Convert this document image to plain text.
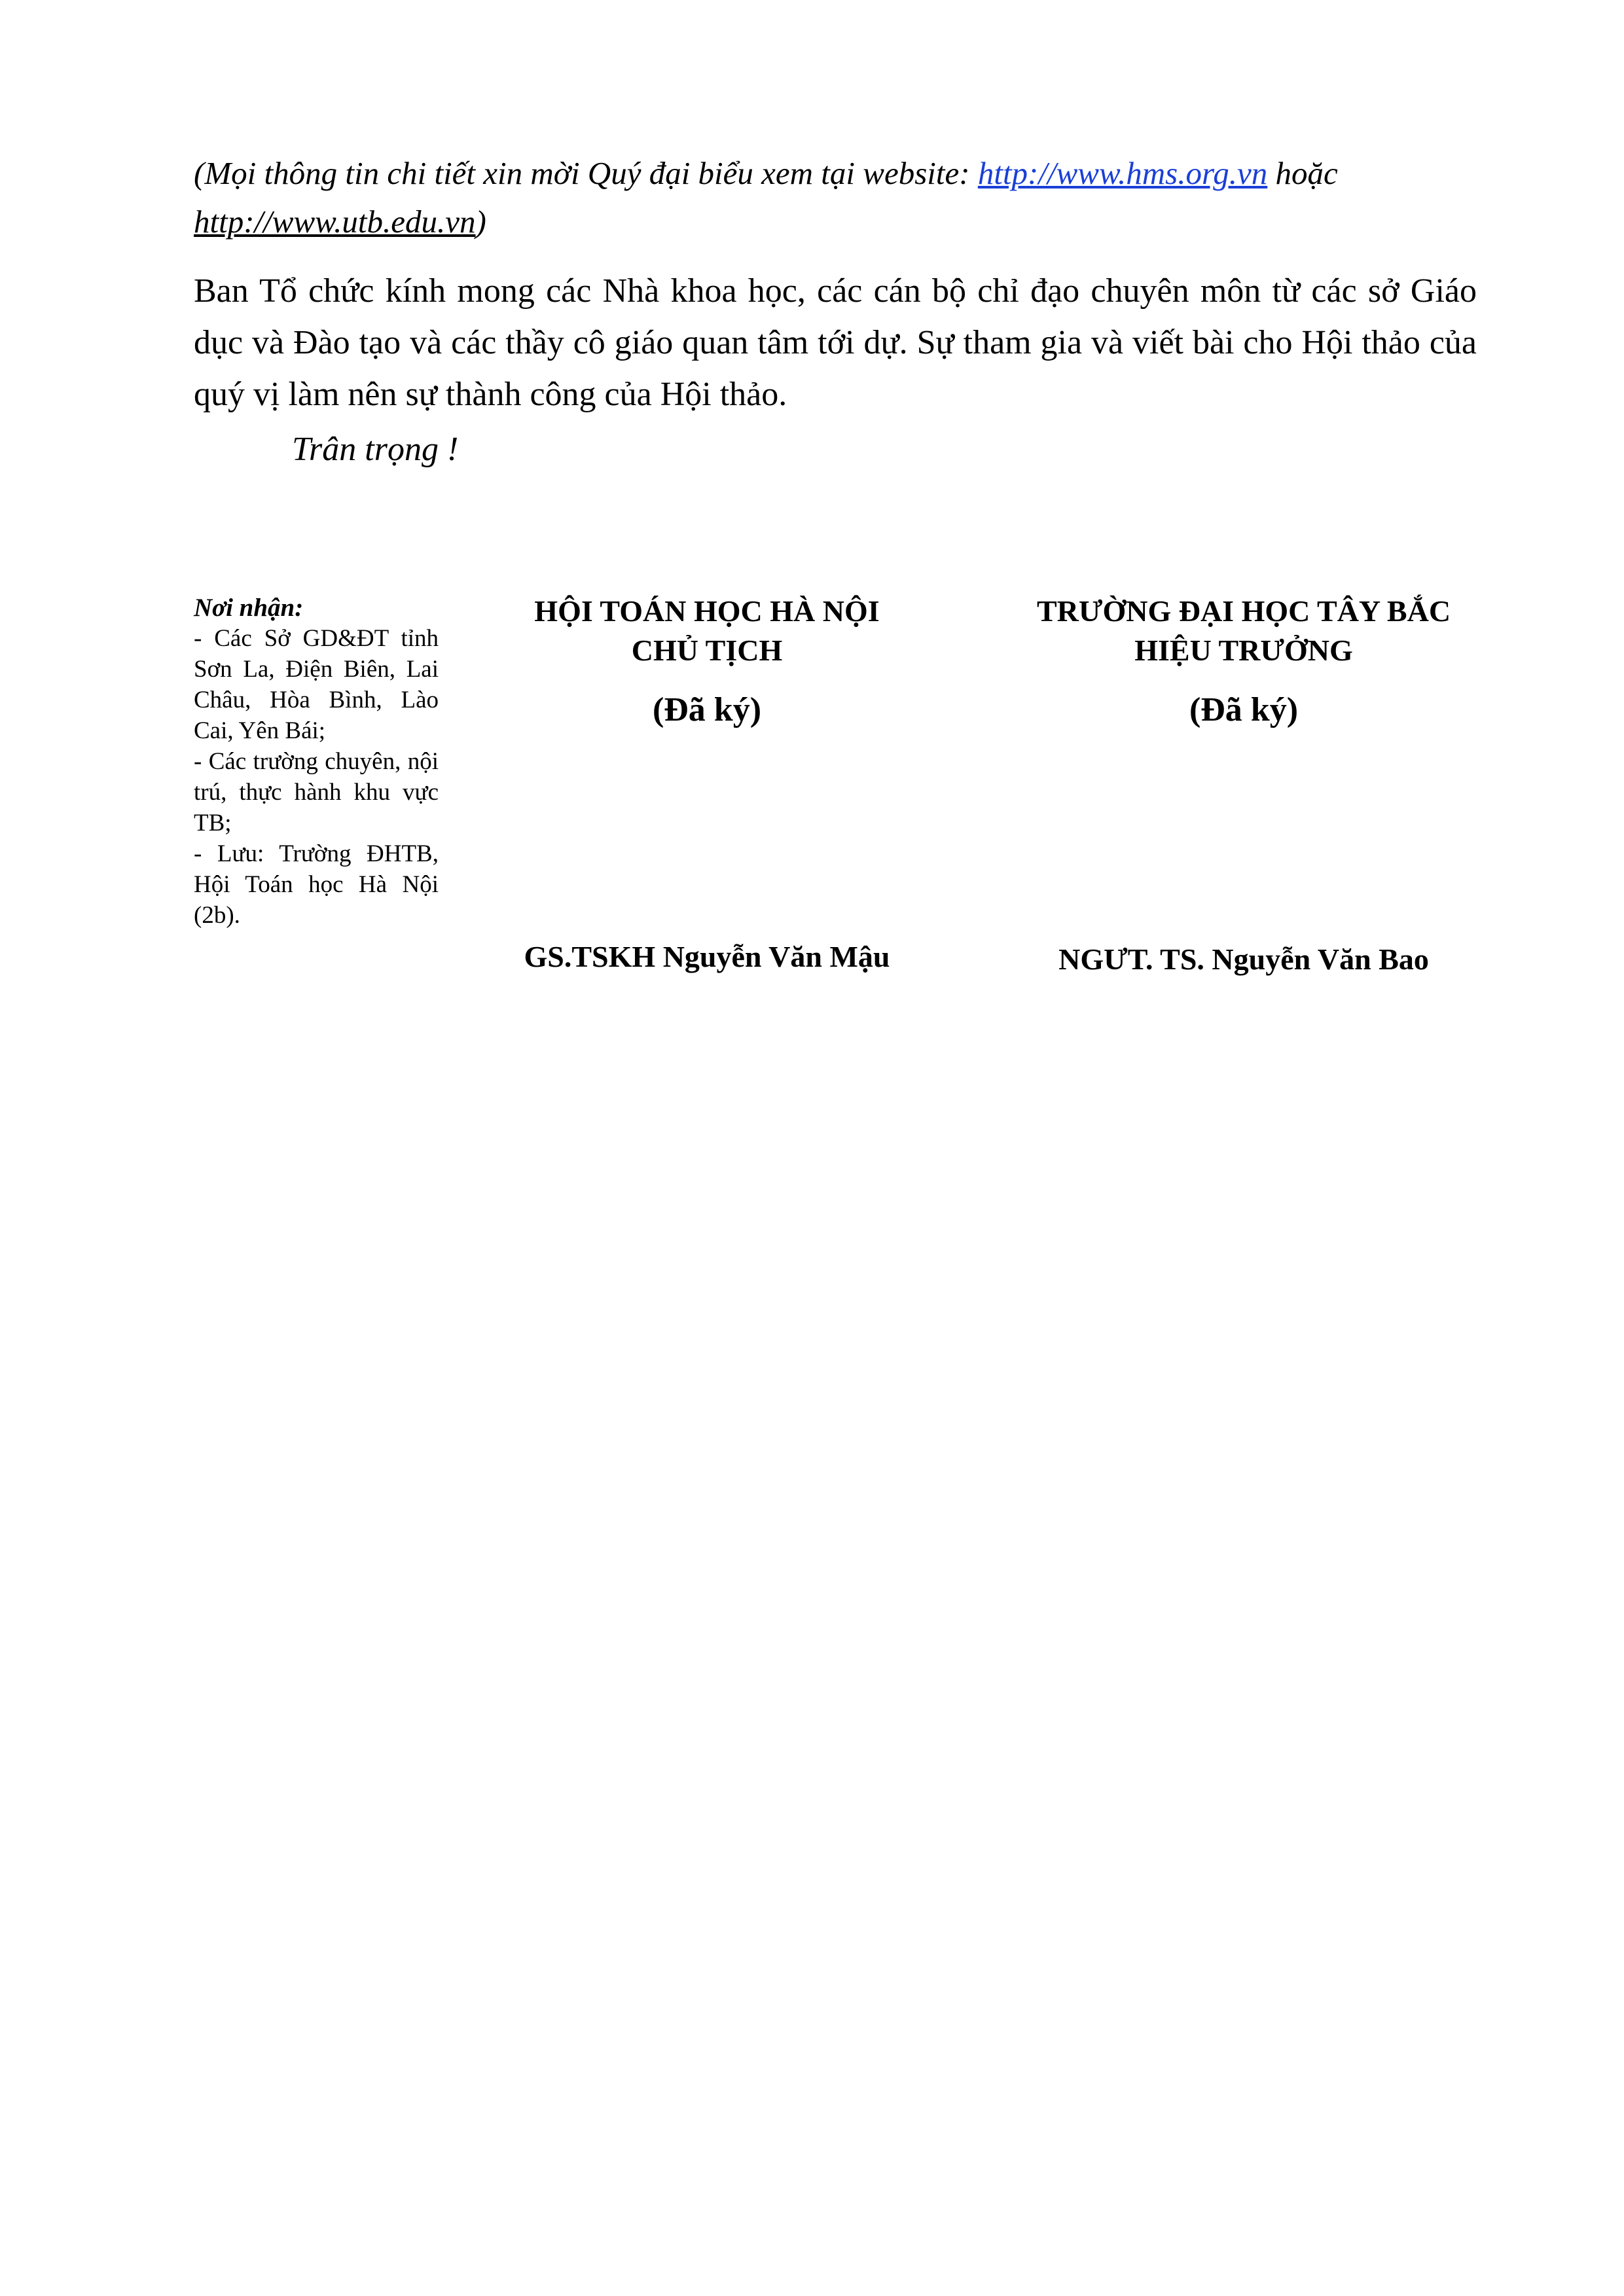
(Mọi thông tin chi tiết xin mời Quý đại biểu xem tại website: http://www.hms.org.vn hoặc http://www.utb.edu.vn)
Ban Tổ chức kính mong các Nhà khoa học, các cán bộ chỉ đạo chuyên môn từ các sở Giáo dục và Đào tạo và các thầy cô giáo quan tâm tới dự. Sự tham gia và viết bài cho Hội thảo của quý vị làm nên sự thành công của Hội thảo.
Trân trọng !
Nơi nhận:
- Các Sở GD&ĐT tỉnh Sơn La, Điện Biên, Lai Châu, Hòa Bình, Lào Cai, Yên Bái;
- Các trường chuyên, nội trú, thực hành khu vực TB;
- Lưu: Trường ĐHTB, Hội Toán học Hà Nội (2b).
HỘI TOÁN HỌC HÀ NỘI
CHỦ TỊCH
(Đã ký)
GS.TSKH Nguyễn Văn Mậu
TRƯỜNG ĐẠI HỌC TÂY BẮC
HIỆU TRƯỞNG
(Đã ký)
NGƯT. TS. Nguyễn Văn Bao
